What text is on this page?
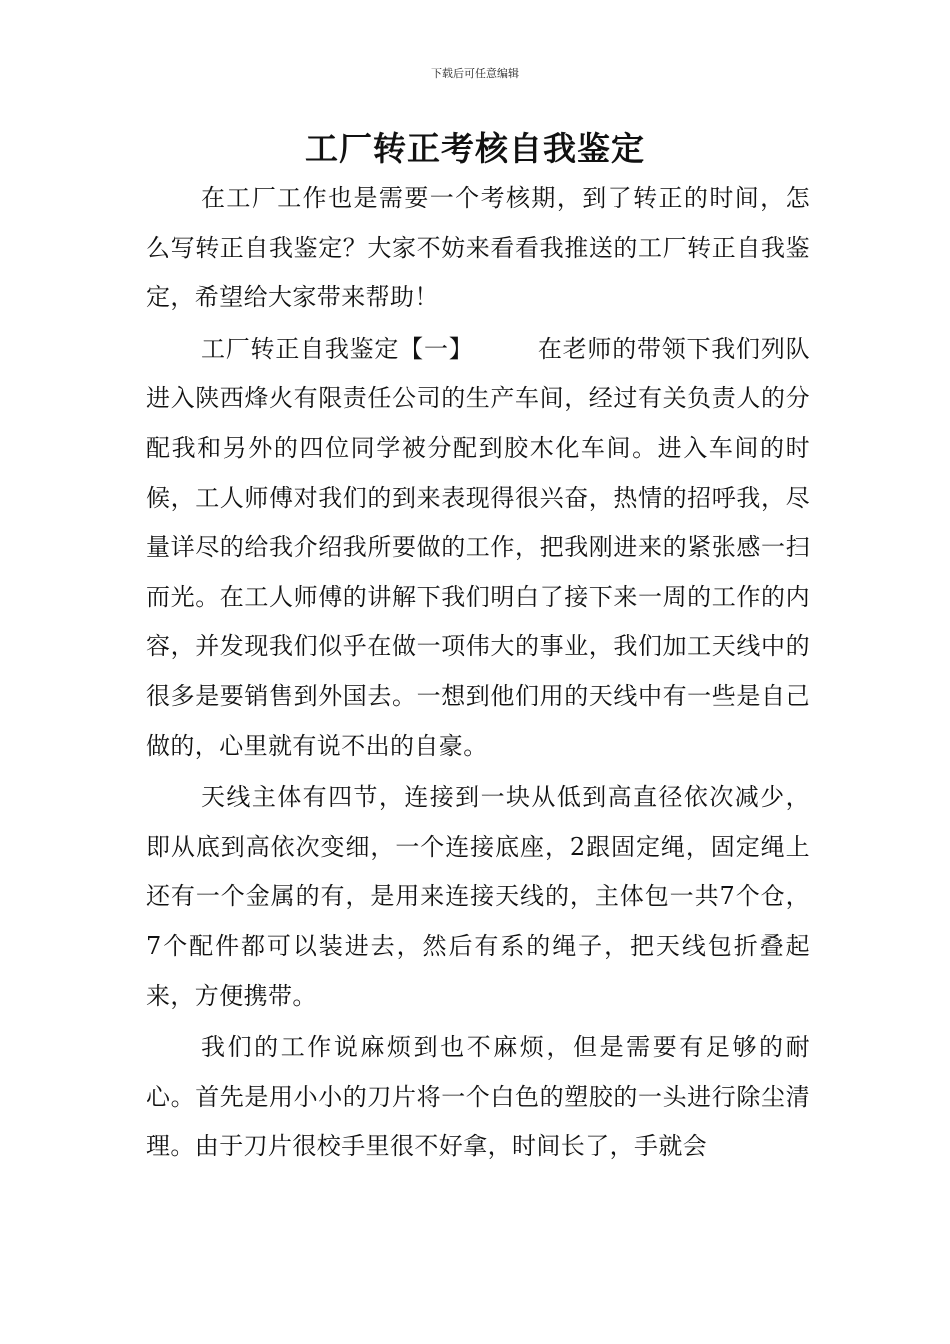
下载后可任意编辑
工厂转正考核自我鉴定

在工厂工作也是需要一个考核期，到了转正的时间，怎么写转正自我鉴定？大家不妨来看看我推送的工厂转正自我鉴定，希望给大家带来帮助！

工厂转正自我鉴定【一】	在老师的带领下我们列队进入陕西烽火有限责任公司的生产车间，经过有关负责人的分配我和另外的四位同学被分配到胶木化车间。进入车间的时候，工人师傅对我们的到来表现得很兴奋，热情的招呼我，尽量详尽的给我介绍我所要做的工作，把我刚进来的紧张感一扫而光。在工人师傅的讲解下我们明白了接下来一周的工作的内容，并发现我们似乎在做一项伟大的事业，我们加工天线中的很多是要销售到外国去。一想到他们用的天线中有一些是自己做的，心里就有说不出的自豪。

天线主体有四节，连接到一块从低到高直径依次减少，即从底到高依次变细，一个连接底座，2跟固定绳，固定绳上还有一个金属的有，是用来连接天线的，主体包一共7个仓，7个配件都可以装进去，然后有系的绳子，把天线包折叠起来，方便携带。

我们的工作说麻烦到也不麻烦，但是需要有足够的耐心。首先是用小小的刀片将一个白色的塑胶的一头进行除尘清理。由于刀片很校手里很不好拿，时间长了，手就会
